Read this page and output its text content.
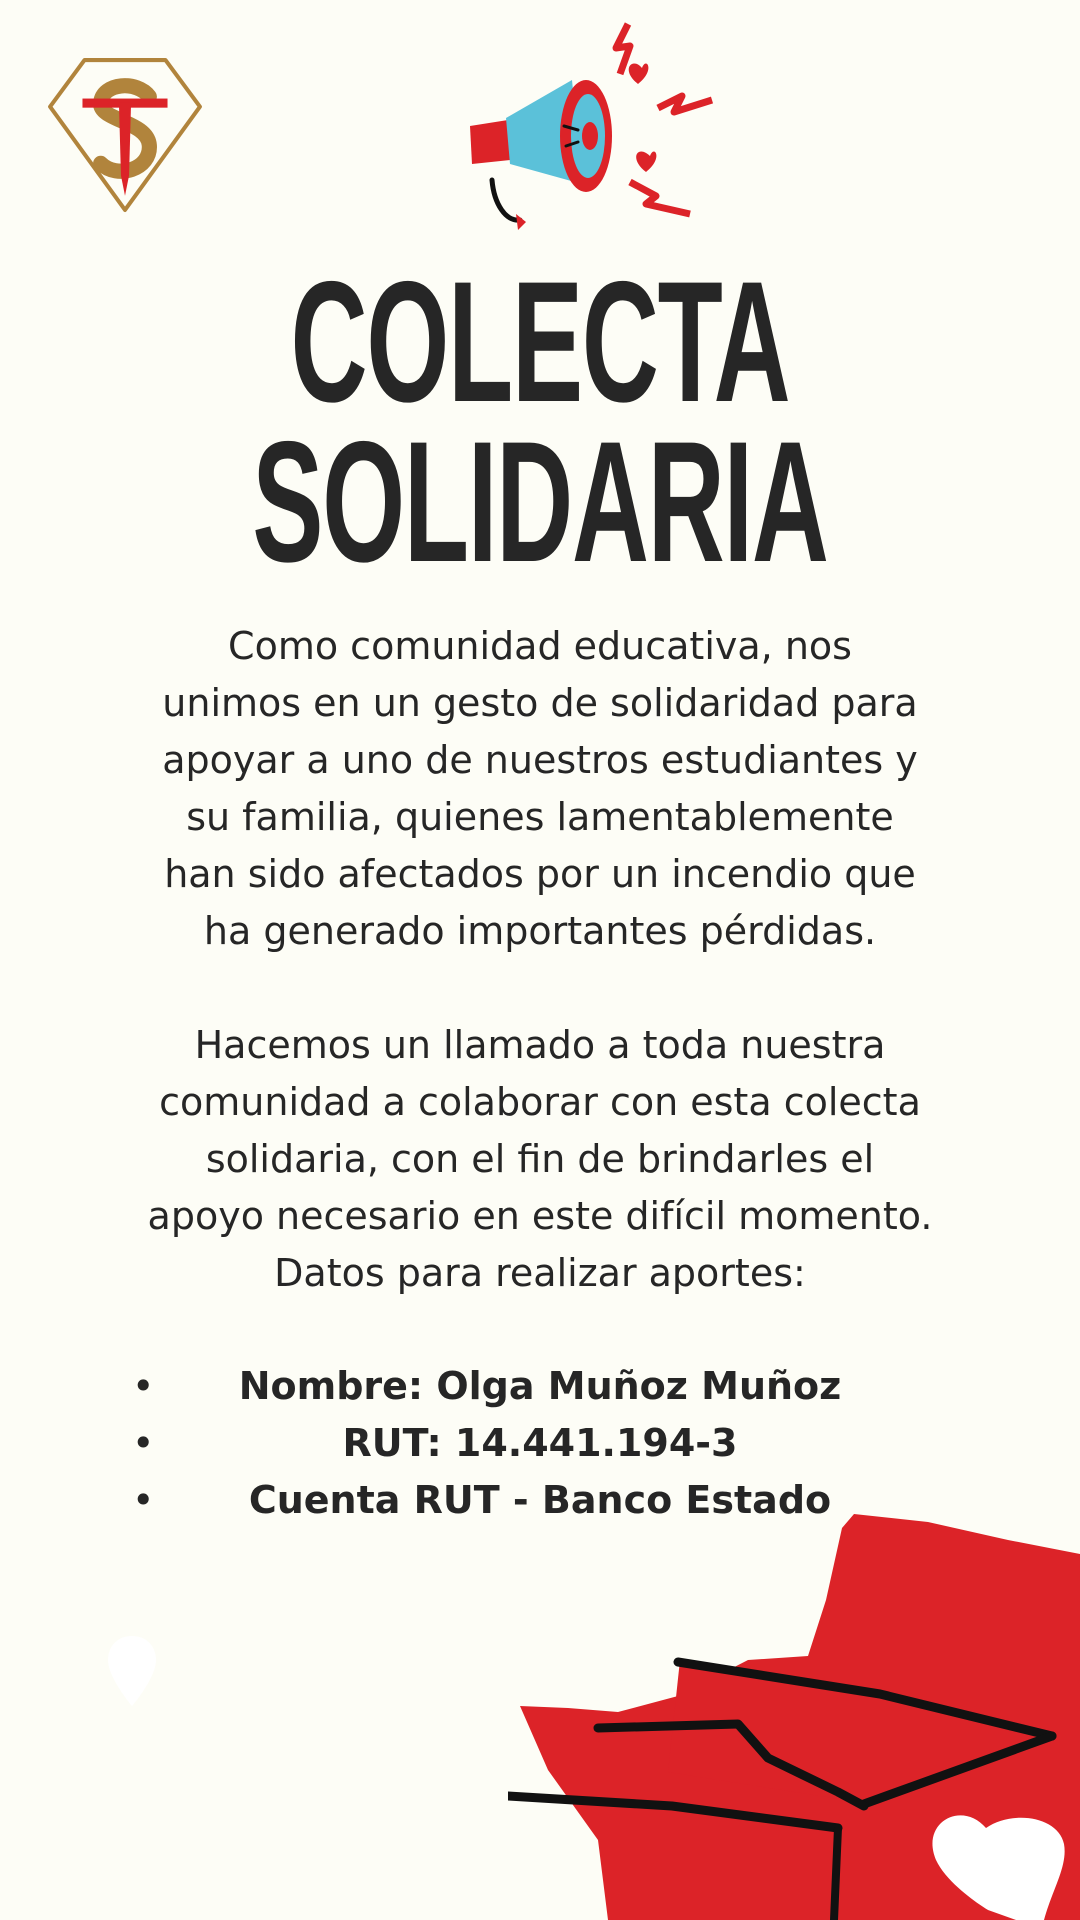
COLECTA
SOLIDARIA

Como comunidad educativa, nos
unimos en un gesto de solidaridad para
apoyar a uno de nuestros estudiantes y
su familia, quienes lamentablemente
han sido afectados por un incendio que
ha generado importantes pérdidas.

Hacemos un llamado a toda nuestra
comunidad a colaborar con esta colecta
solidaria, con el fin de brindarles el
apoyo necesario en este difícil momento.

Datos para realizar aportes:

• Nombre: Olga Muñoz Muñoz
•	RUT: 14.441.194-3
• Cuenta RUT - Banco Estado
